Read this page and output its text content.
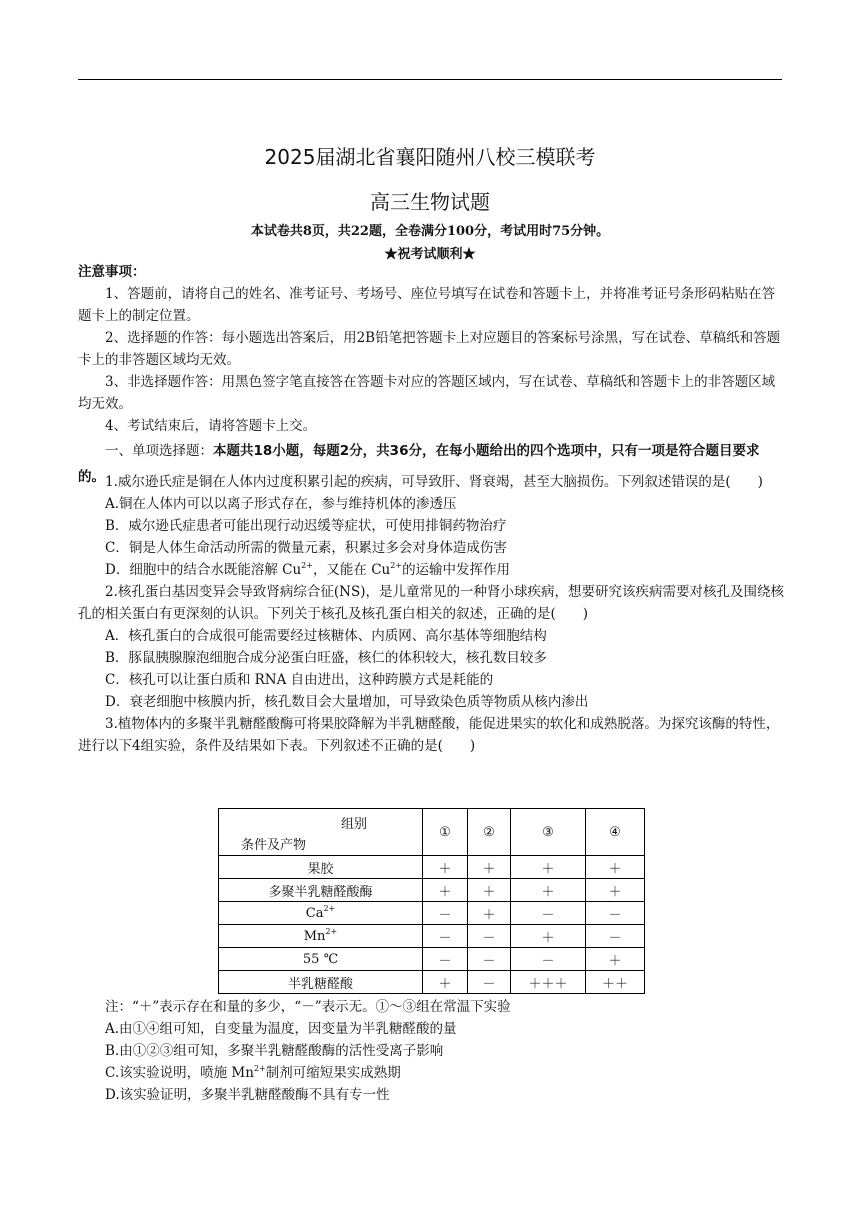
2025届湖北省襄阳随州八校三模联考
高三生物试题
本试卷共8页，共22题，全卷满分100分，考试用时75分钟。
★祝考试顺利★

注意事项：

1、答题前，请将自己的姓名、准考证号、考场号、座位号填写在试卷和答题卡上，并将准考证号条形码粘贴在答题卡上的制定位置。

2、选择题的作答：每小题选出答案后，用2B铅笔把答题卡上对应题目的答案标号涂黑，写在试卷、草稿纸和答题卡上的非答题区域均无效。

3、非选择题作答：用黑色签字笔直接答在答题卡对应的答题区域内，写在试卷、草稿纸和答题卡上的非答题区域均无效。

4、考试结束后，请将答题卡上交。

一、单项选择题：本题共18小题，每题2分，共36分，在每小题给出的四个选项中，只有一项是符合题目要求的。 1.威尔逊氏症是铜在人体内过度积累引起的疾病，可导致肝、肾衰竭，甚至大脑损伤。下列叙述错误的是(　　)

A.铜在人体内可以以离子形式存在，参与维持机体的渗透压

B．威尔逊氏症患者可能出现行动迟缓等症状，可使用排铜药物治疗

C．铜是人体生命活动所需的微量元素，积累过多会对身体造成伤害

D．细胞中的结合水既能溶解 $Cu^{2+}$，又能在 $Cu^{2+}$的运输中发挥作用

2.核孔蛋白基因变异会导致肾病综合征(NS)，是儿童常见的一种肾小球疾病，想要研究该疾病需要对核孔及围绕核孔的相关蛋白有更深刻的认识。下列关于核孔及核孔蛋白相关的叙述，正确的是(　　)

A．核孔蛋白的合成很可能需要经过核糖体、内质网、高尔基体等细胞结构

B．豚鼠胰腺腺泡细胞合成分泌蛋白旺盛，核仁的体积较大，核孔数目较多

C．核孔可以让蛋白质和 RNA 自由进出，这种跨膜方式是耗能的

D．衰老细胞中核膜内折，核孔数目会大量增加，可导致染色质等物质从核内渗出

3.植物体内的多聚半乳糖醛酸酶可将果胶降解为半乳糖醛酸，能促进果实的软化和成熟脱落。为探究该酶的特性，进行以下4组实验，条件及结果如下表。下列叙述不正确的是(　　)

组别
条件及产物	①	②	③	④
果胶	＋	＋	＋	＋
多聚半乳糖醛酸酶	＋	＋	＋	＋
$Ca^{2+}$	－	＋	－	－
$Mn^{2+}$	－	－	＋	－
55 ℃	－	－	－	＋
半乳糖醛酸	＋	－	＋＋＋	＋＋

注：“＋”表示存在和量的多少，“－”表示无。①～③组在常温下实验

A.由①④组可知，自变量为温度，因变量为半乳糖醛酸的量

B.由①②③组可知，多聚半乳糖醛酸酶的活性受离子影响

C.该实验说明，喷施 $Mn^{2+}$制剂可缩短果实成熟期

D.该实验证明，多聚半乳糖醛酸酶不具有专一性
